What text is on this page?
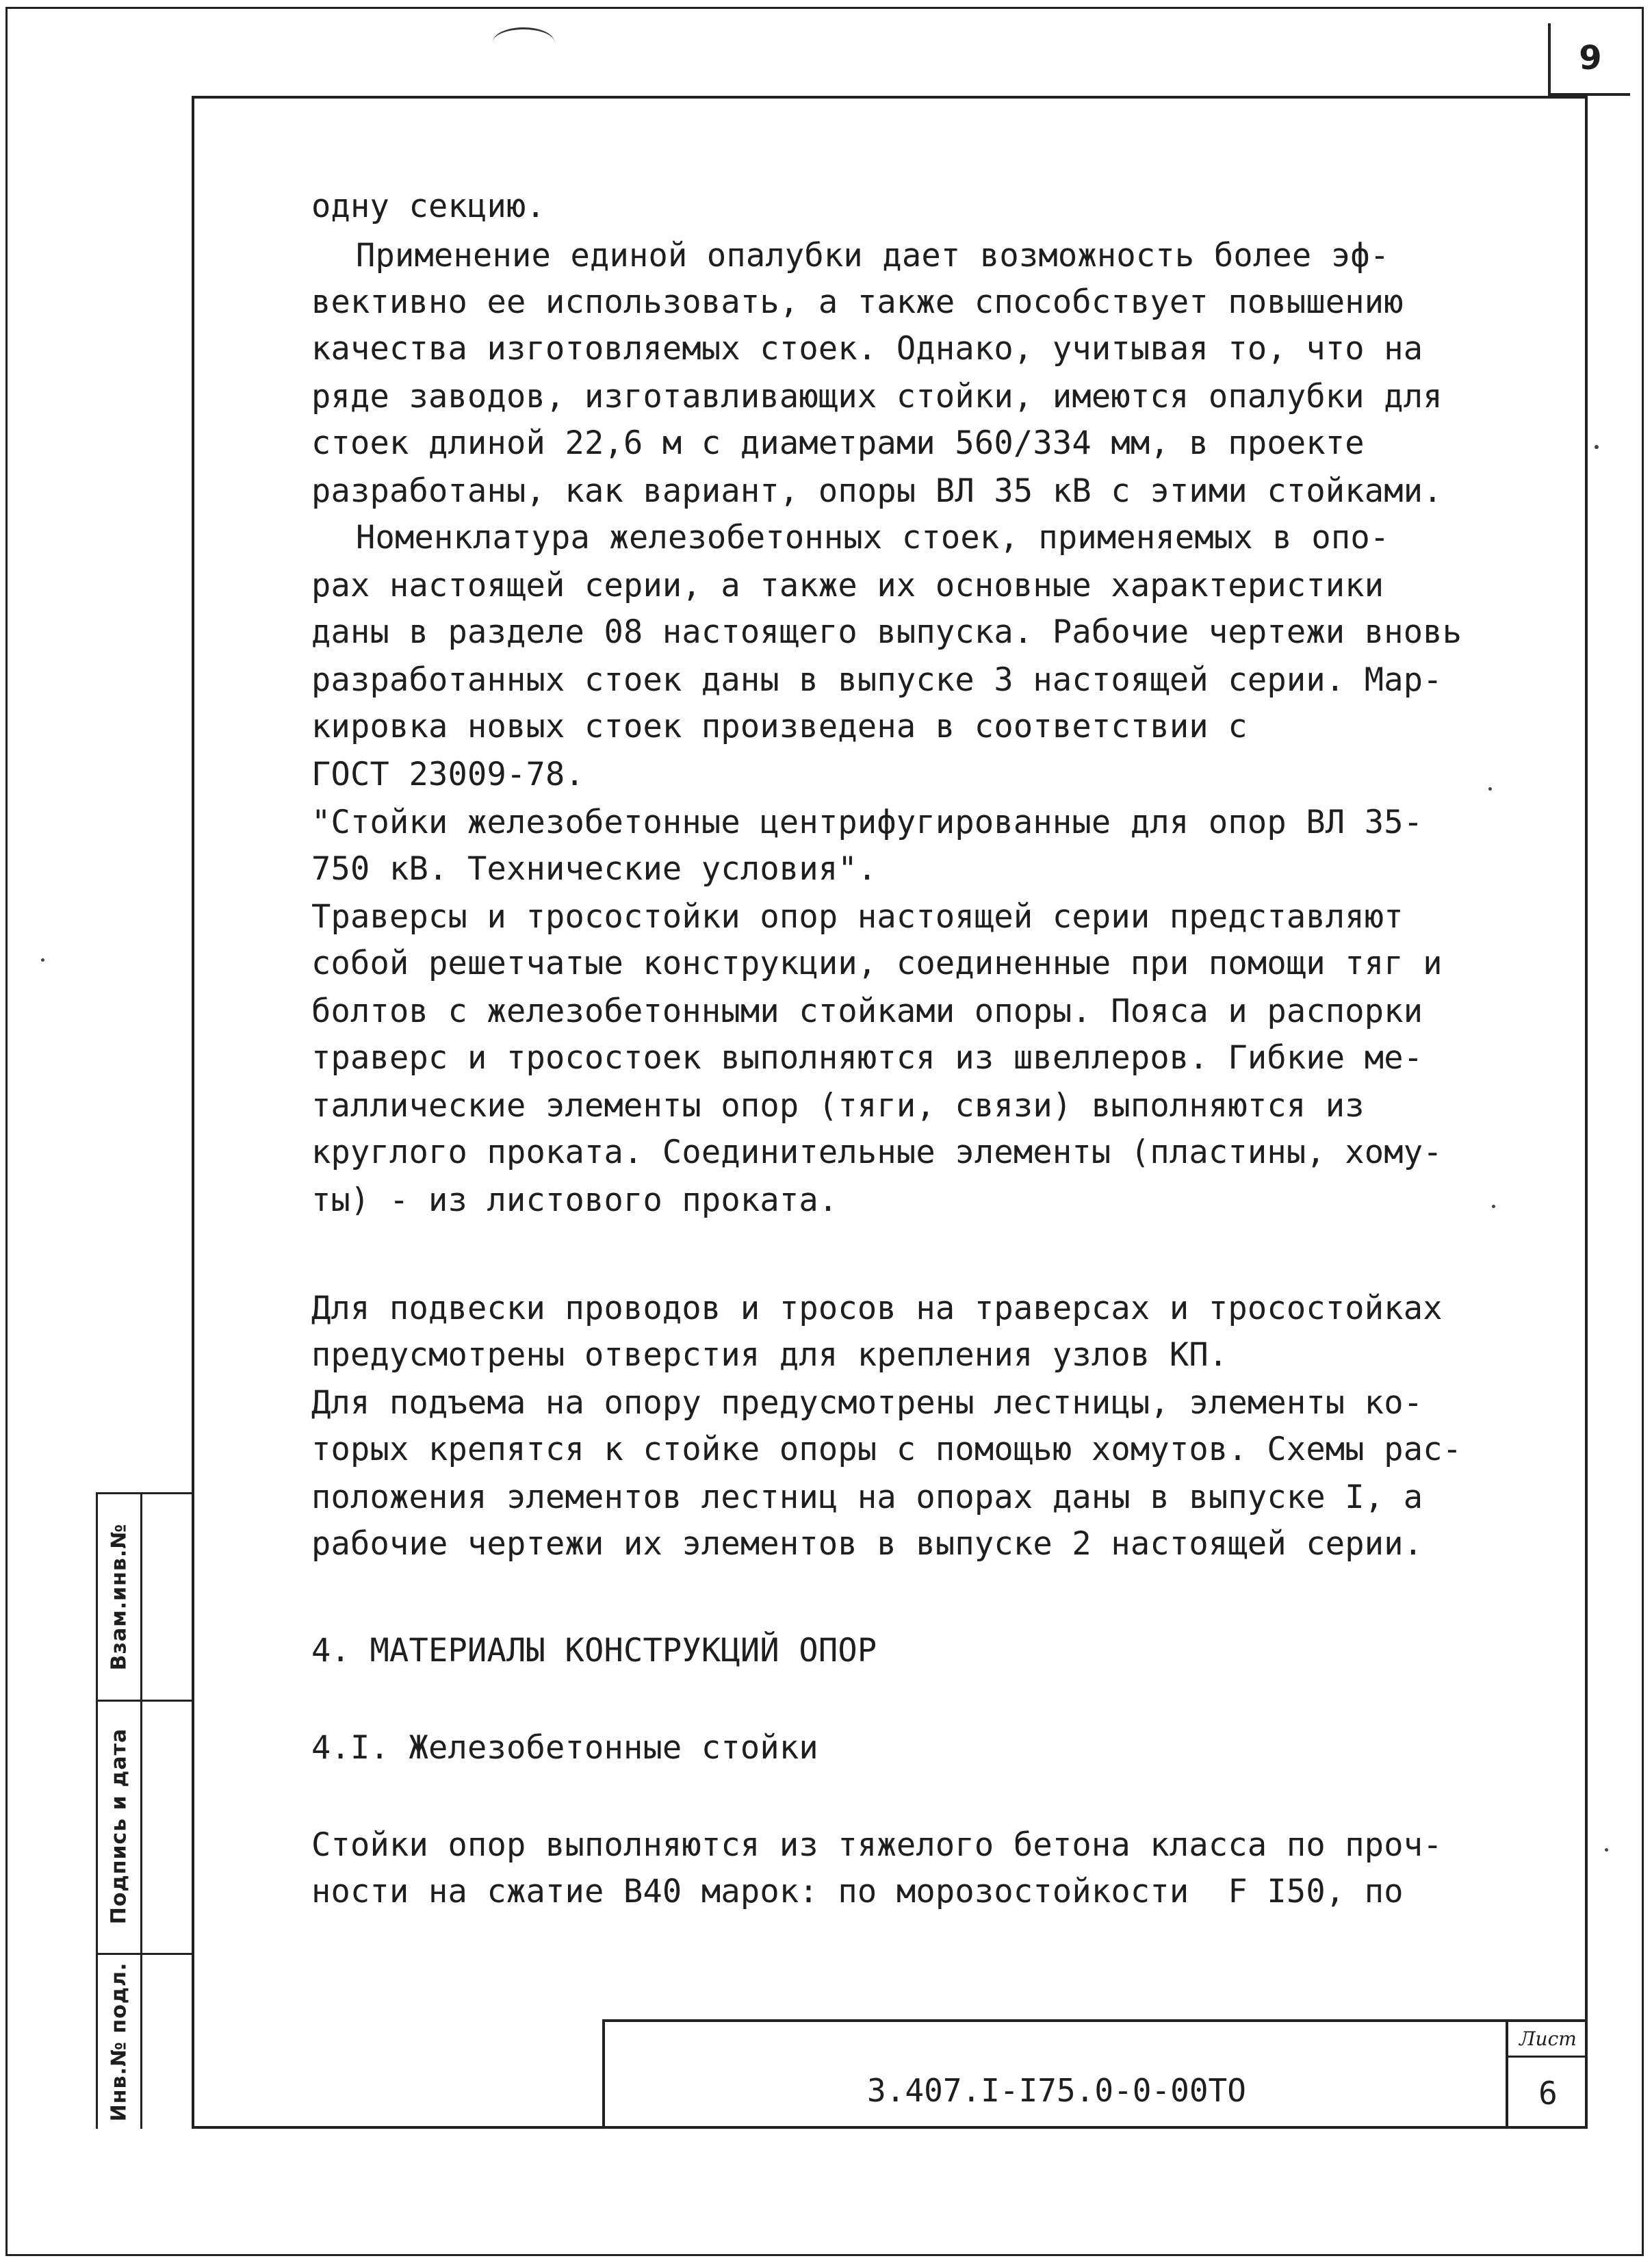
9
одну секцию.
Применение единой опалубки дает возможность более эф-
вективно ее использовать, а также способствует повышению
качества изготовляемых стоек. Однако, учитывая то, что на
ряде заводов, изготавливающих стойки, имеются опалубки для
стоек длиной 22,6 м с диаметрами 560/334 мм, в проекте
разработаны, как вариант, опоры ВЛ 35 кВ с этими стойками.
Номенклатура железобетонных стоек, применяемых в опо-
рах настоящей серии, а также их основные характеристики
даны в разделе 08 настоящего выпуска. Рабочие чертежи вновь
разработанных стоек даны в выпуске 3 настоящей серии. Мар-
кировка новых стоек произведена в соответствии с
ГОСТ 23009-78.
"Стойки железобетонные центрифугированные для опор ВЛ 35-
750 кВ. Технические условия".
Траверсы и тросостойки опор настоящей серии представляют
собой решетчатые конструкции, соединенные при помощи тяг и
болтов с железобетонными стойками опоры. Пояса и распорки
траверс и тросостоек выполняются из швеллеров. Гибкие ме-
таллические элементы опор (тяги, связи) выполняются из
круглого проката. Соединительные элементы (пластины, хому-
ты) - из листового проката.
Для подвески проводов и тросов на траверсах и тросостойках
предусмотрены отверстия для крепления узлов КП.
Для подъема на опору предусмотрены лестницы, элементы ко-
торых крепятся к стойке опоры с помощью хомутов. Схемы рас-
положения элементов лестниц на опорах даны в выпуске I, а
рабочие чертежи их элементов в выпуске 2 настоящей серии.
4. МАТЕРИАЛЫ КОНСТРУКЦИЙ ОПОР
4.I. Железобетонные стойки
Стойки опор выполняются из тяжелого бетона класса по проч-
ности на сжатие В40 марок: по морозостойкости  F I50, по
Взам.инв.№
Подпись и дата
Инв.№ подл.	3.407.I-I75.0-0-00ТО
Лист
6
